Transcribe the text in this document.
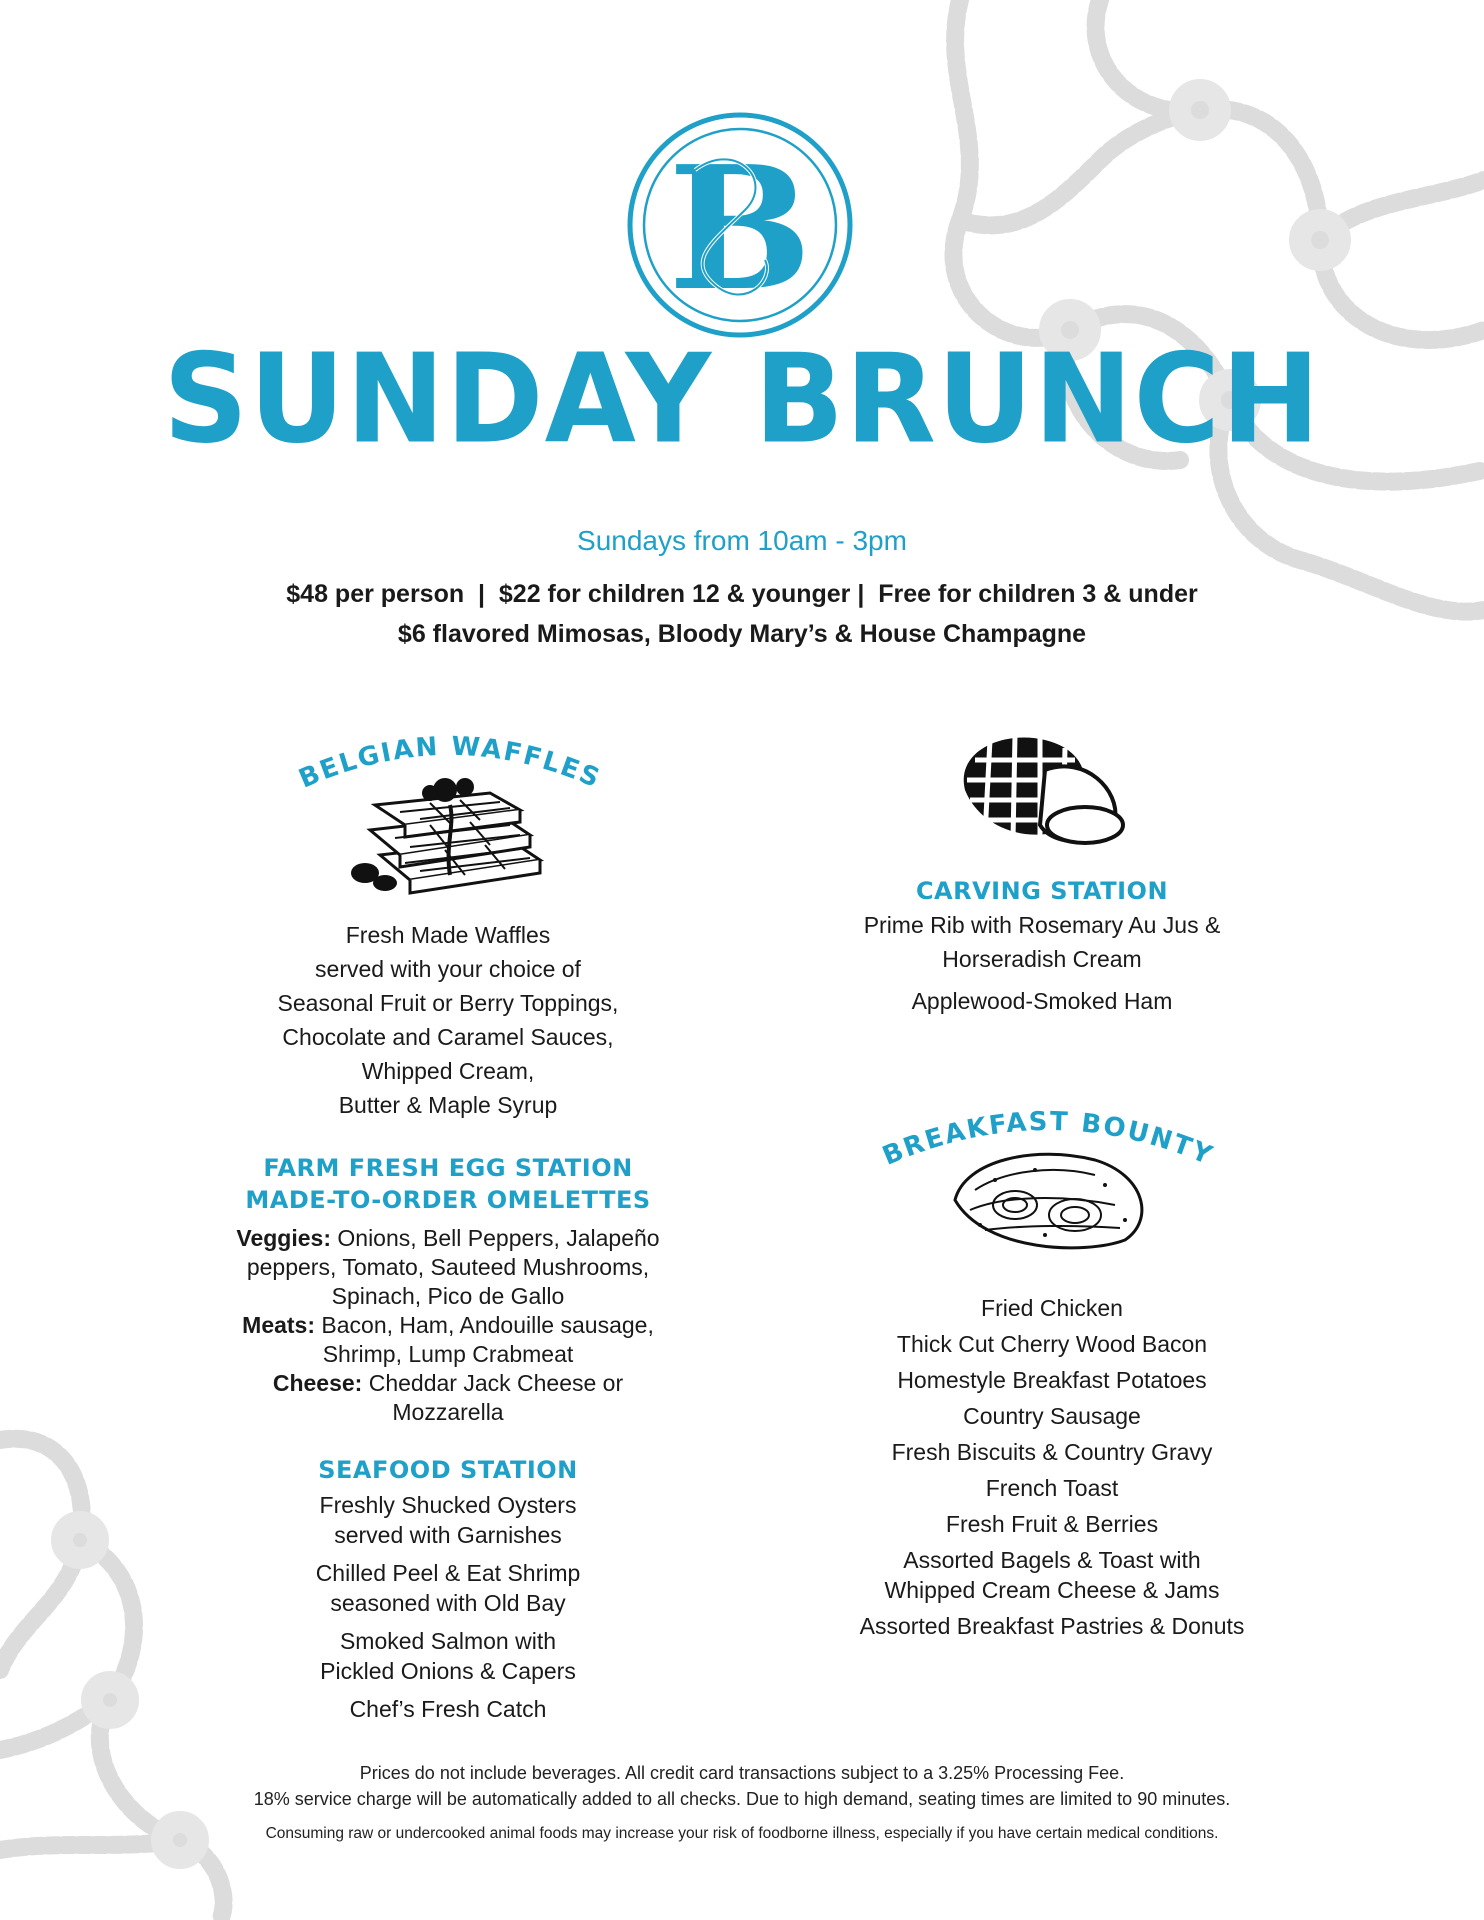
B
SUNDAY BRUNCH
Sundays from 10am - 3pm
$48 per person  |  $22 for children 12 & younger |  Free for children 3 & under
$6 flavored Mimosas, Bloody Mary’s & House Champagne
BELGIAN WAFFLES
Fresh Made Waffles
served with your choice of
Seasonal Fruit or Berry Toppings,
Chocolate and Caramel Sauces,
Whipped Cream,
Butter & Maple Syrup
FARM FRESH EGG STATION
MADE-TO-ORDER OMELETTES
Veggies: Onions, Bell Peppers, Jalapeño
peppers, Tomato, Sauteed Mushrooms,
Spinach, Pico de Gallo
Meats: Bacon, Ham, Andouille sausage,
Shrimp, Lump Crabmeat
Cheese: Cheddar Jack Cheese or
Mozzarella
SEAFOOD STATION
Freshly Shucked Oysters
served with Garnishes
Chilled Peel & Eat Shrimp
seasoned with Old Bay
Smoked Salmon with
Pickled Onions & Capers
Chef’s Fresh Catch
CARVING STATION
Prime Rib with Rosemary Au Jus &
Horseradish Cream
Applewood-Smoked Ham
BREAKFAST BOUNTY
Fried Chicken
Thick Cut Cherry Wood Bacon
Homestyle Breakfast Potatoes
Country Sausage
Fresh Biscuits & Country Gravy
French Toast
Fresh Fruit & Berries
Assorted Bagels & Toast with
Whipped Cream Cheese & Jams
Assorted Breakfast Pastries & Donuts
Prices do not include beverages. All credit card transactions subject to a 3.25% Processing Fee.
18% service charge will be automatically added to all checks. Due to high demand, seating times are limited to 90 minutes.
Consuming raw or undercooked animal foods may increase your risk of foodborne illness, especially if you have certain medical conditions.
